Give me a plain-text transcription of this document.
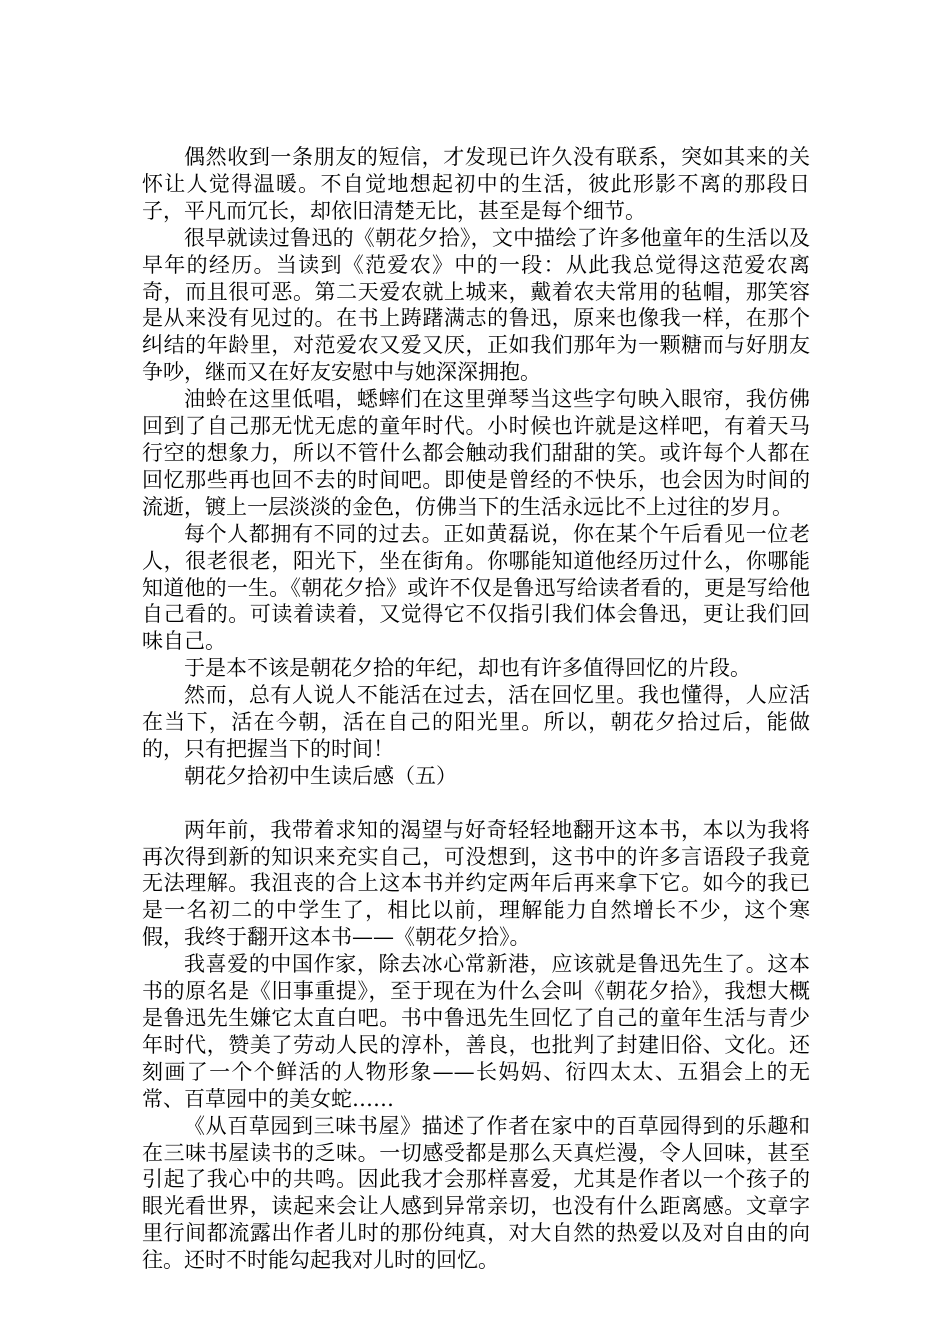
偶然收到一条朋友的短信，才发现已许久没有联系，突如其来的关怀让人觉得温暖。不自觉地想起初中的生活，彼此形影不离的那段日子，平凡而冗长，却依旧清楚无比，甚至是每个细节。

很早就读过鲁迅的《朝花夕拾》，文中描绘了许多他童年的生活以及早年的经历。当读到《范爱农》中的一段：从此我总觉得这范爱农离奇，而且很可恶。第二天爱农就上城来，戴着农夫常用的毡帽，那笑容是从来没有见过的。在书上踌躇满志的鲁迅，原来也像我一样，在那个纠结的年龄里，对范爱农又爱又厌，正如我们那年为一颗糖而与好朋友争吵，继而又在好友安慰中与她深深拥抱。

油蛉在这里低唱，蟋蟀们在这里弹琴当这些字句映入眼帘，我仿佛回到了自己那无忧无虑的童年时代。小时候也许就是这样吧，有着天马行空的想象力，所以不管什么都会触动我们甜甜的笑。或许每个人都在回忆那些再也回不去的时间吧。即使是曾经的不快乐，也会因为时间的流逝，镀上一层淡淡的金色，仿佛当下的生活永远比不上过往的岁月。

每个人都拥有不同的过去。正如黄磊说，你在某个午后看见一位老人，很老很老，阳光下，坐在街角。你哪能知道他经历过什么，你哪能知道他的一生。《朝花夕拾》或许不仅是鲁迅写给读者看的，更是写给他自己看的。可读着读着，又觉得它不仅指引我们体会鲁迅，更让我们回味自己。

于是本不该是朝花夕拾的年纪，却也有许多值得回忆的片段。

然而，总有人说人不能活在过去，活在回忆里。我也懂得，人应活在当下，活在今朝，活在自己的阳光里。所以，朝花夕拾过后，能做的，只有把握当下的时间！

朝花夕拾初中生读后感（五）

两年前，我带着求知的渴望与好奇轻轻地翻开这本书，本以为我将再次得到新的知识来充实自己，可没想到，这书中的许多言语段子我竟无法理解。我沮丧的合上这本书并约定两年后再来拿下它。如今的我已是一名初二的中学生了，相比以前，理解能力自然增长不少，这个寒假，我终于翻开这本书——《朝花夕拾》。

我喜爱的中国作家，除去冰心常新港，应该就是鲁迅先生了。这本书的原名是《旧事重提》，至于现在为什么会叫《朝花夕拾》，我想大概是鲁迅先生嫌它太直白吧。书中鲁迅先生回忆了自己的童年生活与青少年时代，赞美了劳动人民的淳朴，善良，也批判了封建旧俗、文化。还刻画了一个个鲜活的人物形象——长妈妈、衍四太太、五猖会上的无常、百草园中的美女蛇……

《从百草园到三味书屋》描述了作者在家中的百草园得到的乐趣和在三味书屋读书的乏味。一切感受都是那么天真烂漫，令人回味，甚至引起了我心中的共鸣。因此我才会那样喜爱，尤其是作者以一个孩子的眼光看世界，读起来会让人感到异常亲切，也没有什么距离感。文章字里行间都流露出作者儿时的那份纯真，对大自然的热爱以及对自由的向往。还时不时能勾起我对儿时的回忆。
